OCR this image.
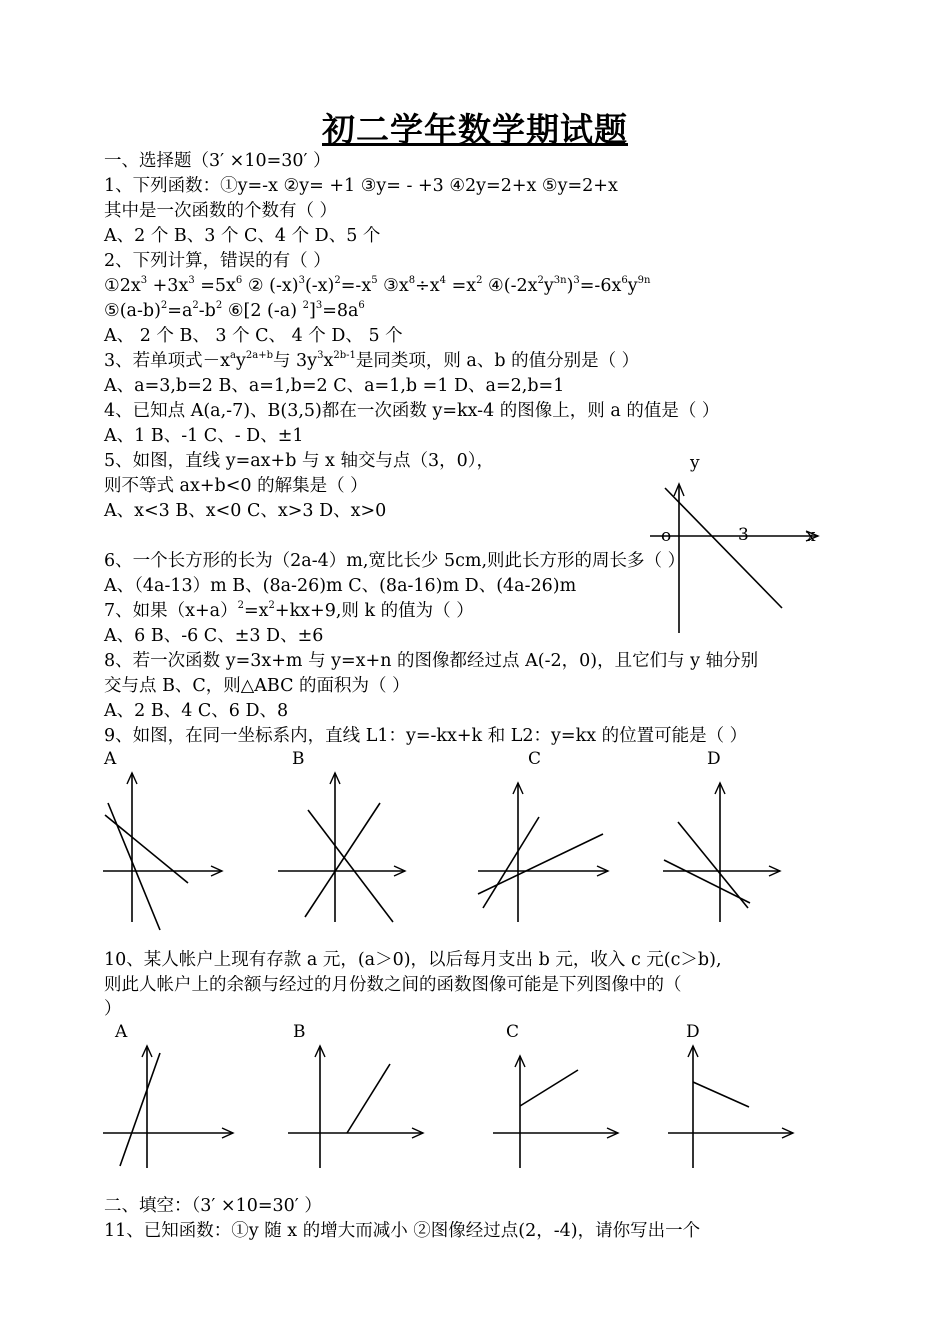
初二学年数学期试题
一、选择题（3′ ×10=30′ ）
1、下列函数：①y=-x ②y= +1 ③y= - +3 ④2y=2+x ⑤y=2+x
其中是一次函数的个数有（ ）
A、2 个 B、3 个 C、4 个 D、5 个
2、下列计算，错误的有（ ）
$①2x^3 +3x^3 =5x^6$ ② $(-x)^3(-x)^2=-x^5$ $③x^8\div x^4 =x^2$ $④(-2x^2y^{3n})^3=-6x^6y^{9n}$
$⑤(a-b)^2=a^2-b^2$ ⑥[2 (-a) $^2]^3=8a^6$
A、 2 个 B、 3 个 C、 4 个 D、 5 个
3、若单项式$-x^ay^{2a+b}$与 $3y^3x^{2b-1}$是同类项，则 a、b 的值分别是（ ）
A、a=3,b=2 B、a=1,b=2 C、a=1,b =1 D、a=2,b=1
4、已知点 A(a,-7)、B(3,5)都在一次函数 y=kx-4 的图像上，则 a 的值是（ ）
A、1 B、-1 C、- D、±1
5、如图，直线 y=ax+b 与 x 轴交与点（3，0），
则不等式 ax+b<0 的解集是（ ）
A、x<3 B、x<0 C、x>3 D、x>0
y
o	3	x
6、一个长方形的长为（2a-4）m,宽比长少 5cm,则此长方形的周长多（ ）
A、（4a-13）m B、(8a-26)m C、(8a-16)m D、(4a-26)m
7、如果$(x+a)^2=x^2+kx+9$,则 k 的值为（ ）
A、6 B、-6 C、±3 D、±6
8、若一次函数 y=3x+m 与 y=x+n 的图像都经过点 A(-2，0)，且它们与 y 轴分别
交与点 B、C，则△ABC 的面积为（ ）
A、2 B、4 C、6 D、8
9、如图，在同一坐标系内，直线 L1：y=-kx+k 和 L2：y=kx 的位置可能是（ ）
A	B	C	D
10、某人帐户上现有存款 a 元，(a＞0)，以后每月支出 b 元，收入 c 元(c＞b),
则此人帐户上的余额与经过的月份数之间的函数图像可能是下列图像中的（
）
A	B	C	D
二、填空：（3′ ×10=30′ ）
11、已知函数：①y 随 x 的增大而减小 ②图像经过点(2，-4)，请你写出一个
